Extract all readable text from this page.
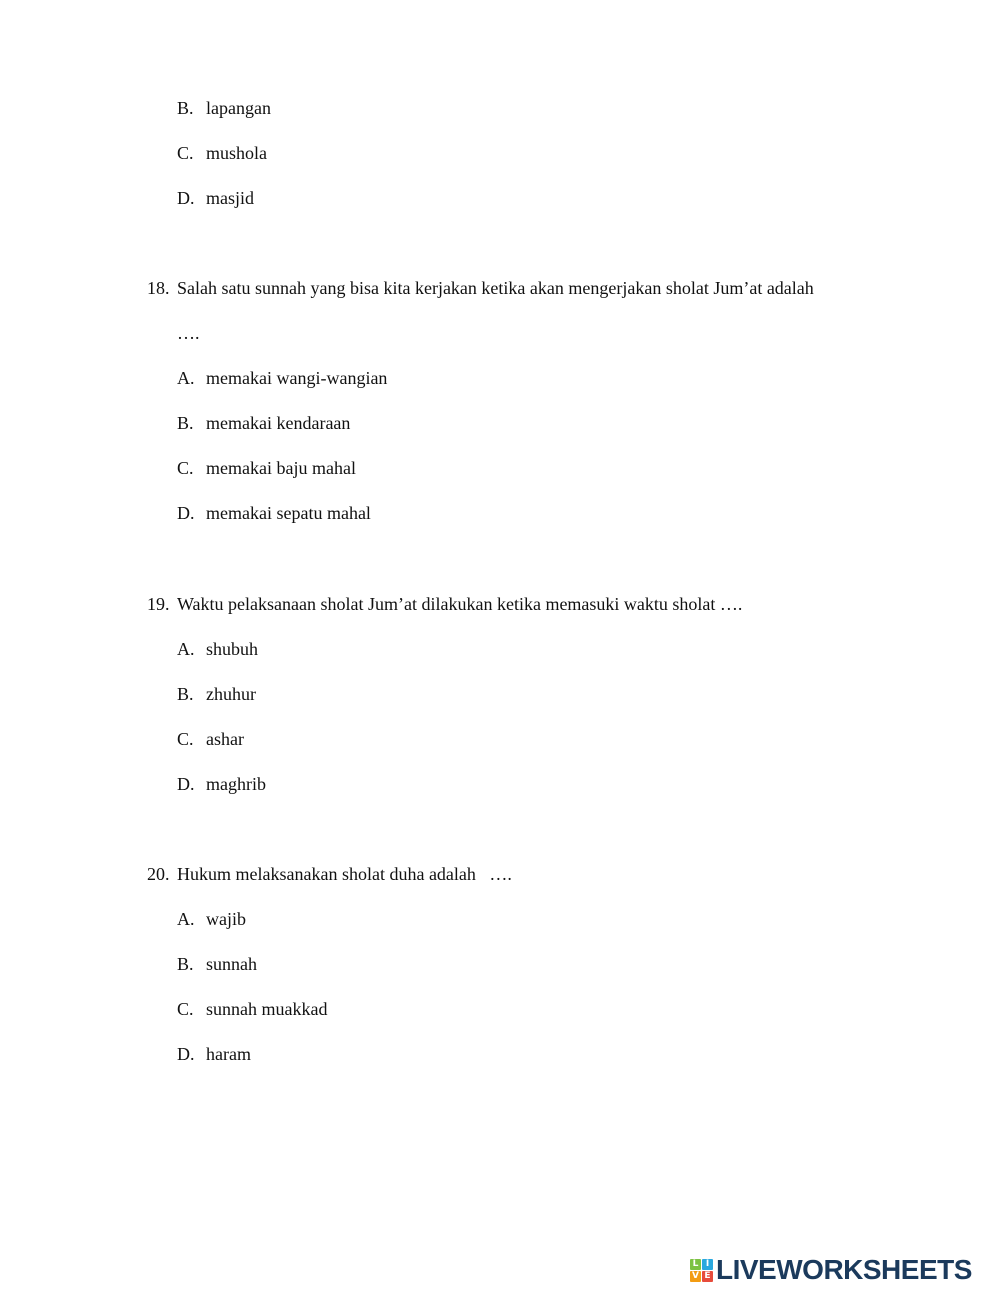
B. lapangan
C. mushola
D. masjid
18. Salah satu sunnah yang bisa kita kerjakan ketika akan mengerjakan sholat Jum’at adalah
….
A. memakai wangi-wangian
B. memakai kendaraan
C. memakai baju mahal
D. memakai sepatu mahal
19. Waktu pelaksanaan sholat Jum’at dilakukan ketika memasuki waktu sholat ….
A. shubuh
B. zhuhur
C. ashar
D. maghrib
20. Hukum melaksanakan sholat duha adalah   ….
A. wajib
B. sunnah
C. sunnah muakkad
D. haram
L I
V E LIVEWORKSHEETS
